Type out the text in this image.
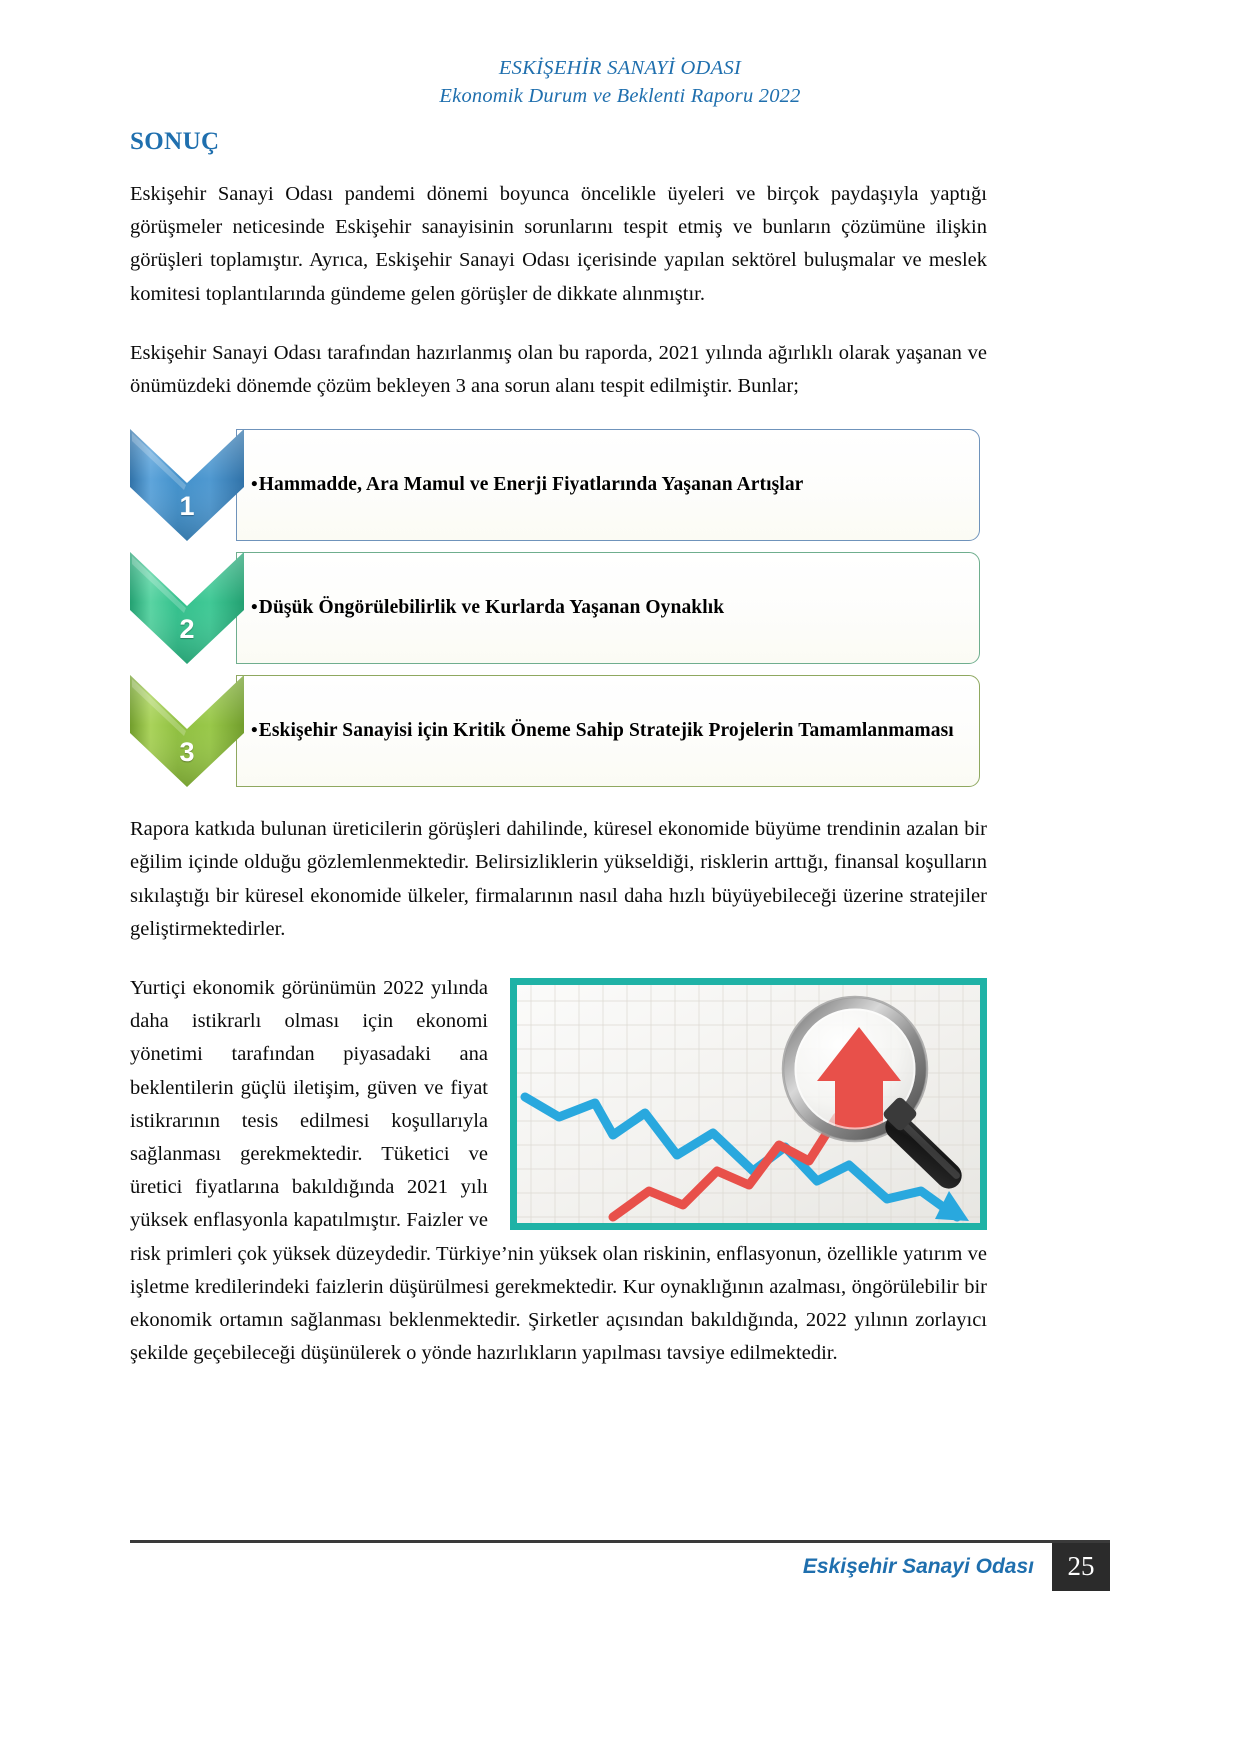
ESKİŞEHİR SANAYİ ODASI
Ekonomik Durum ve Beklenti Raporu 2022
SONUÇ

Eskişehir Sanayi Odası pandemi dönemi boyunca öncelikle üyeleri ve birçok paydaşıyla yaptığı görüşmeler neticesinde Eskişehir sanayisinin sorunlarını tespit etmiş ve bunların çözümüne ilişkin görüşleri toplamıştır. Ayrıca, Eskişehir Sanayi Odası içerisinde yapılan sektörel buluşmalar ve meslek komitesi toplantılarında gündeme gelen görüşler de dikkate alınmıştır.

Eskişehir Sanayi Odası tarafından hazırlanmış olan bu raporda, 2021 yılında ağırlıklı olarak yaşanan ve önümüzdeki dönemde çözüm bekleyen 3 ana sorun alanı tespit edilmiştir. Bunlar;

•Hammadde, Ara Mamul ve Enerji Fiyatlarında Yaşanan Artışlar
1
•Düşük Öngörülebilirlik ve Kurlarda Yaşanan Oynaklık
2
•Eskişehir Sanayisi için Kritik Öneme Sahip Stratejik Projelerin Tamamlanmaması
3

Rapora katkıda bulunan üreticilerin görüşleri dahilinde, küresel ekonomide büyüme trendinin azalan bir eğilim içinde olduğu gözlemlenmektedir. Belirsizliklerin yükseldiği, risklerin arttığı, finansal koşulların sıkılaştığı bir küresel ekonomide ülkeler, firmalarının nasıl daha hızlı büyüyebileceği üzerine stratejiler geliştirmektedirler.

Yurtiçi ekonomik görünümün 2022 yılında daha istikrarlı olması için ekonomi yönetimi tarafından piyasadaki ana beklentilerin güçlü iletişim, güven ve fiyat istikrarının tesis edilmesi koşullarıyla sağlanması gerekmektedir. Tüketici ve üretici fiyatlarına bakıldığında 2021 yılı yüksek enflasyonla kapatılmıştır. Faizler ve risk primleri çok yüksek düzeydedir. Türkiye’nin yüksek olan riskinin, enflasyonun, özellikle yatırım ve işletme kredilerindeki faizlerin düşürülmesi gerekmektedir. Kur oynaklığının azalması, öngörülebilir bir ekonomik ortamın sağlanması beklenmektedir. Şirketler açısından bakıldığında, 2022 yılının zorlayıcı şekilde geçebileceği düşünülerek o yönde hazırlıkların yapılması tavsiye edilmektedir.

Eskişehir Sanayi Odası	25
